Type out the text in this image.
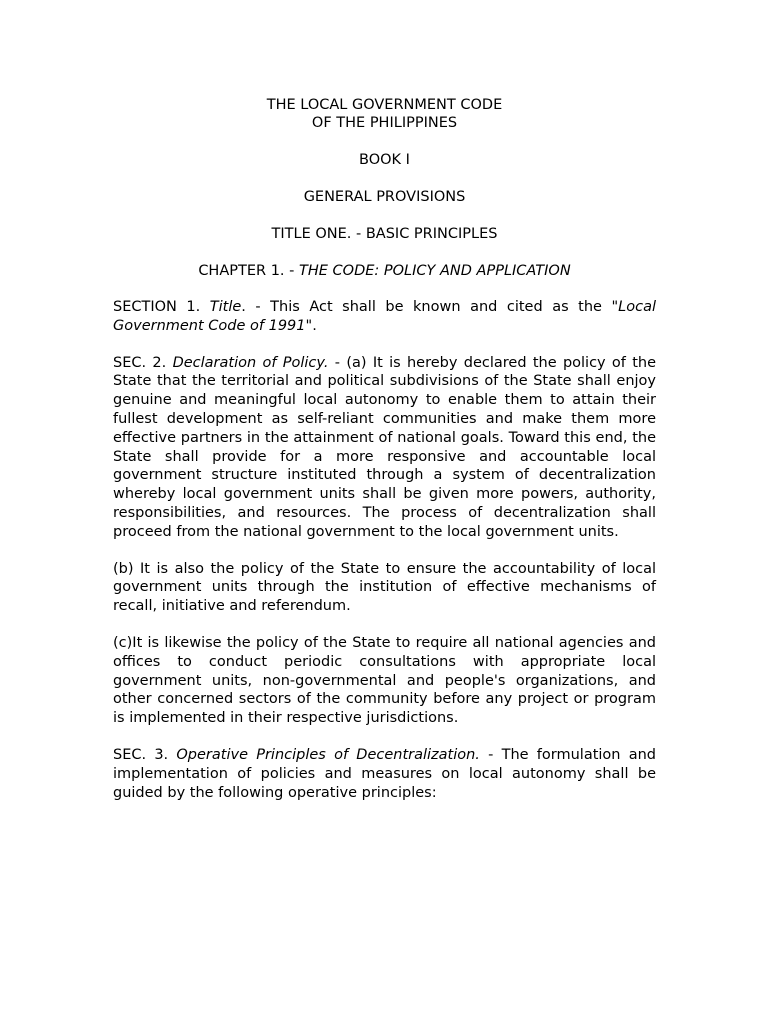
THE LOCAL GOVERNMENT CODE

OF THE PHILIPPINES

BOOK I

GENERAL PROVISIONS

TITLE ONE. - BASIC PRINCIPLES

CHAPTER 1. - THE CODE: POLICY AND APPLICATION

SECTION 1. Title. - This Act shall be known and cited as the "Local Government Code of 1991".

SEC. 2. Declaration of Policy. - (a) It is hereby declared the policy of the State that the territorial and political subdivisions of the State shall enjoy genuine and meaningful local autonomy to enable them to attain their fullest development as self-reliant communities and make them more effective partners in the attainment of national goals. Toward this end, the State shall provide for a more responsive and accountable local government structure instituted through a system of decentralization whereby local government units shall be given more powers, authority, responsibilities, and resources. The process of decentralization shall proceed from the national government to the local government units.

(b) It is also the policy of the State to ensure the accountability of local government units through the institution of effective mechanisms of recall, initiative and referendum.

(c)It is likewise the policy of the State to require all national agencies and offices to conduct periodic consultations with appropriate local government units, non-governmental and people's organizations, and other concerned sectors of the community before any project or program is implemented in their respective jurisdictions.

SEC. 3. Operative Principles of Decentralization. - The formulation and implementation of policies and measures on local autonomy shall be guided by the following operative principles:
